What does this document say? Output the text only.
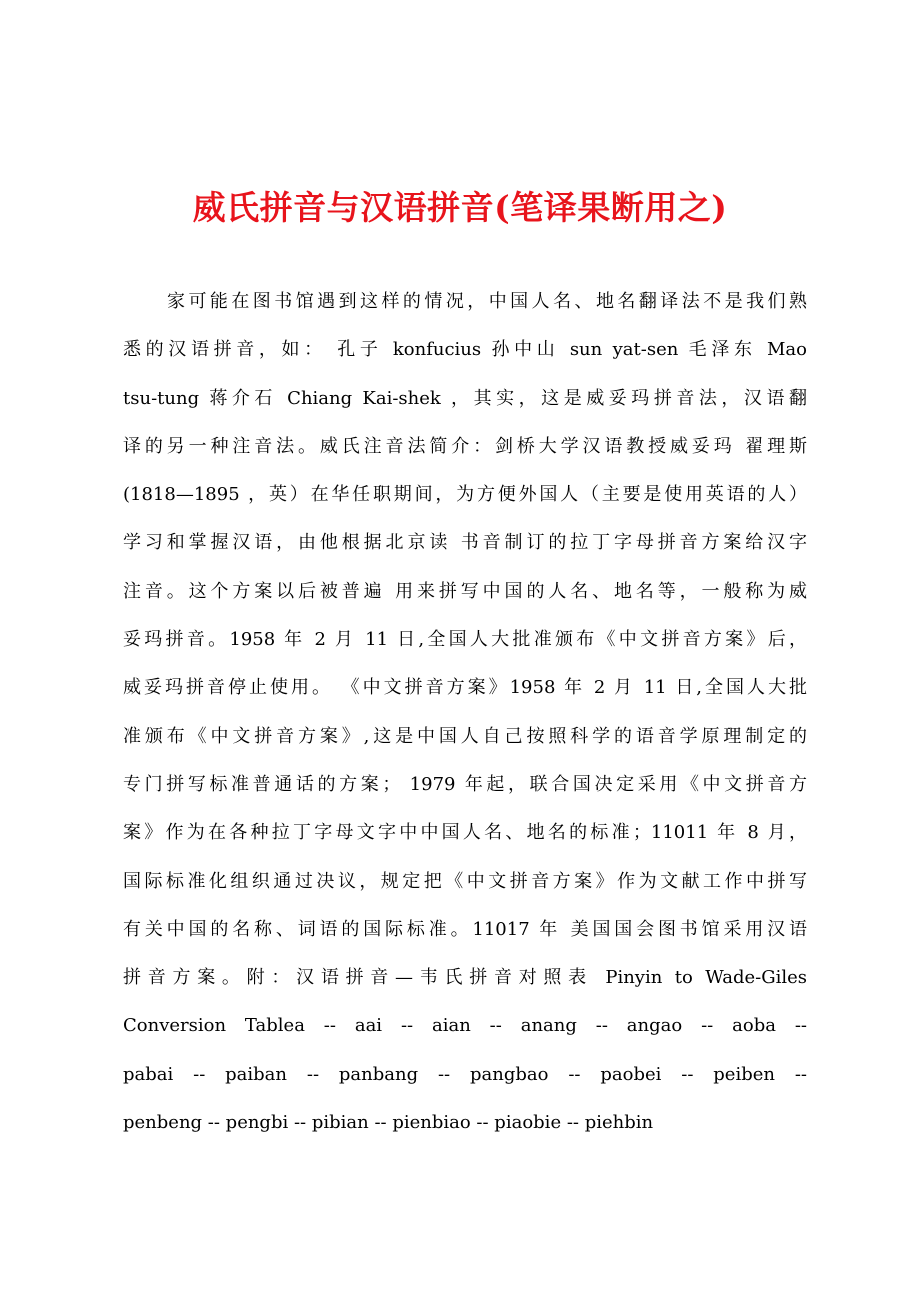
威氏拼音与汉语拼音(笔译果断用之)
家可能在图书馆遇到这样的情况，中国人名、地名翻译法不是我们熟
悉的汉语拼音，如： 孔子 konfucius 孙中山 sun yat-sen 毛泽东 Mao
tsu-tung 蒋介石 Chiang Kai-shek ，其实，这是威妥玛拼音法，汉语翻
译的另一种注音法。威氏注音法简介：剑桥大学汉语教授威妥玛 翟理斯
(1818—1895 ，英）在华任职期间，为方便外国人（主要是使用英语的人）
学习和掌握汉语，由他根据北京读 书音制订的拉丁字母拼音方案给汉字
注音。这个方案以后被普遍 用来拼写中国的人名、地名等，一般称为威
妥玛拼音。1958 年 2 月 11 日,全国人大批准颁布《中文拼音方案》后，
威妥玛拼音停止使用。 《中文拼音方案》1958 年 2 月 11 日,全国人大批
准颁布《中文拼音方案》,这是中国人自己按照科学的语音学原理制定的
专门拼写标准普通话的方案； 1979 年起，联合国决定采用《中文拼音方
案》作为在各种拉丁字母文字中中国人名、地名的标准；11011 年 8 月，
国际标准化组织通过决议，规定把《中文拼音方案》作为文献工作中拼写
有关中国的名称、词语的国际标准。11017 年 美国国会图书馆采用汉语
拼音方案。附：汉语拼音—韦氏拼音对照表 Pinyin to Wade-Giles
Conversion Tablea -- aai -- aian -- anang -- angao -- aoba --
pabai -- paiban -- panbang -- pangbao -- paobei -- peiben --
penbeng -- pengbi -- pibian -- pienbiao -- piaobie -- piehbin
